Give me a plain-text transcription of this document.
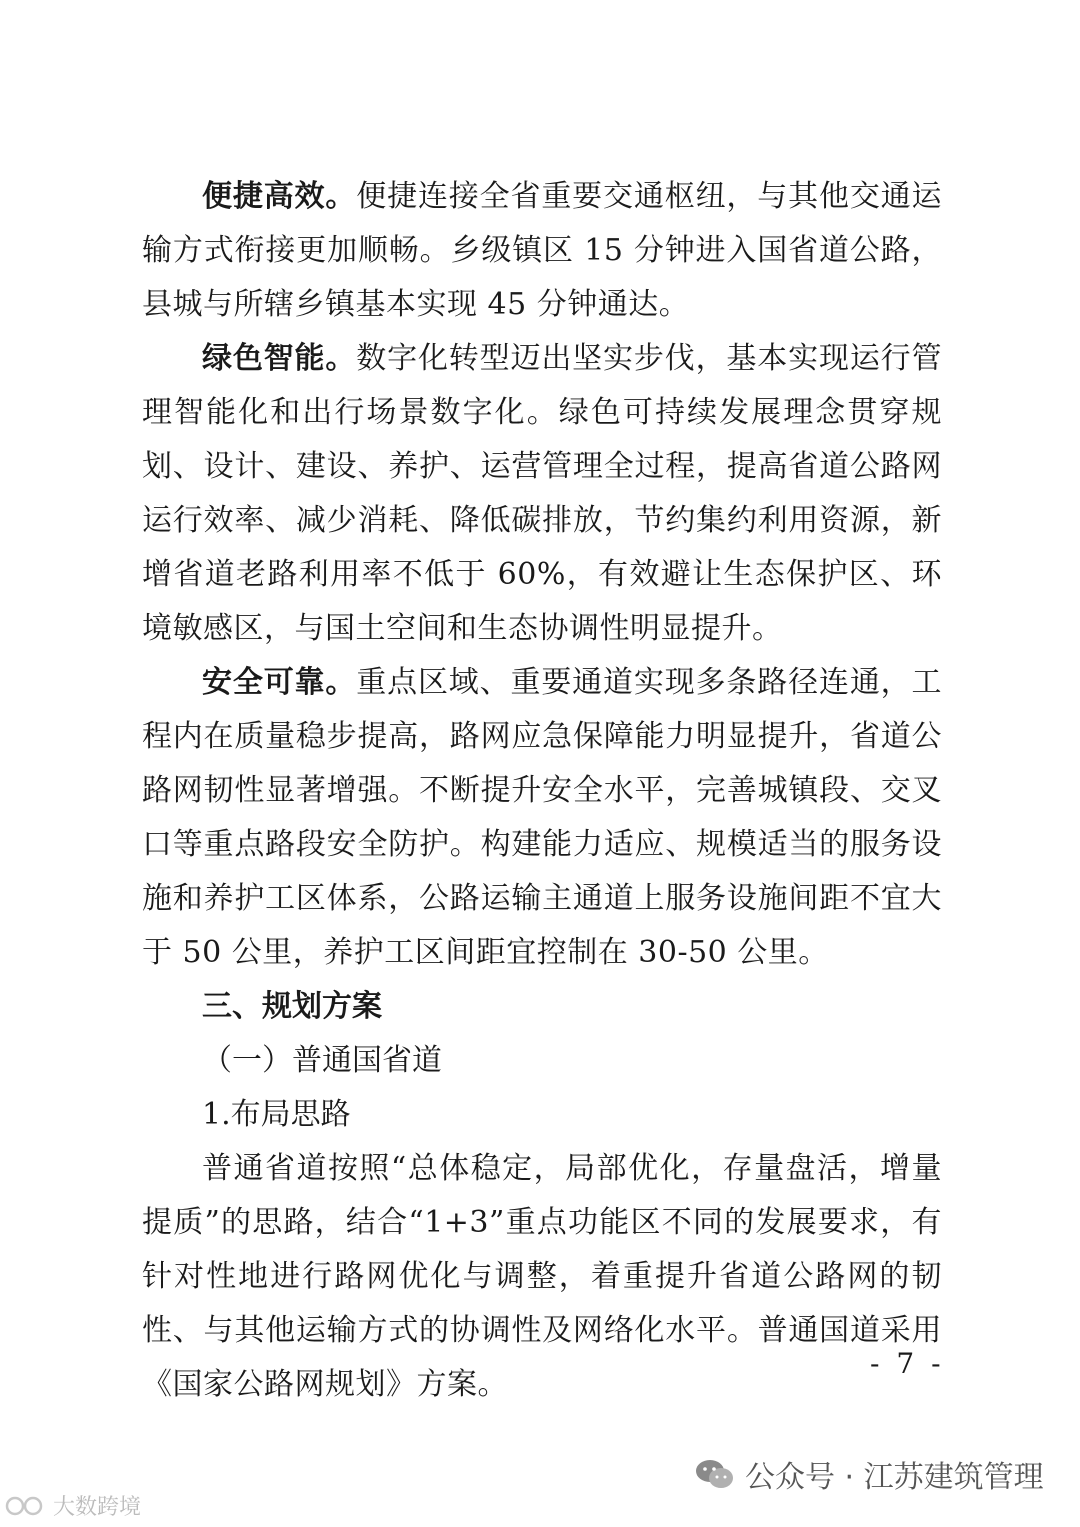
便捷高效。便捷连接全省重要交通枢纽，与其他交通运输方式衔接更加顺畅。乡级镇区 15 分钟进入国省道公路，县城与所辖乡镇基本实现 45 分钟通达。

绿色智能。数字化转型迈出坚实步伐，基本实现运行管理智能化和出行场景数字化。绿色可持续发展理念贯穿规划、设计、建设、养护、运营管理全过程，提高省道公路网运行效率、减少消耗、降低碳排放，节约集约利用资源，新增省道老路利用率不低于 60%，有效避让生态保护区、环境敏感区，与国土空间和生态协调性明显提升。

安全可靠。重点区域、重要通道实现多条路径连通，工程内在质量稳步提高，路网应急保障能力明显提升，省道公路网韧性显著增强。不断提升安全水平，完善城镇段、交叉口等重点路段安全防护。构建能力适应、规模适当的服务设施和养护工区体系，公路运输主通道上服务设施间距不宜大于 50 公里，养护工区间距宜控制在 30-50 公里。

三、规划方案

（一）普通国省道

1.布局思路

普通省道按照“总体稳定，局部优化，存量盘活，增量提质”的思路，结合“1+3”重点功能区不同的发展要求，有针对性地进行路网优化与调整，着重提升省道公路网的韧性、与其他运输方式的协调性及网络化水平。普通国道采用《国家公路网规划》方案。

- 7 -
公众号 · 江苏建筑管理
大数跨境
